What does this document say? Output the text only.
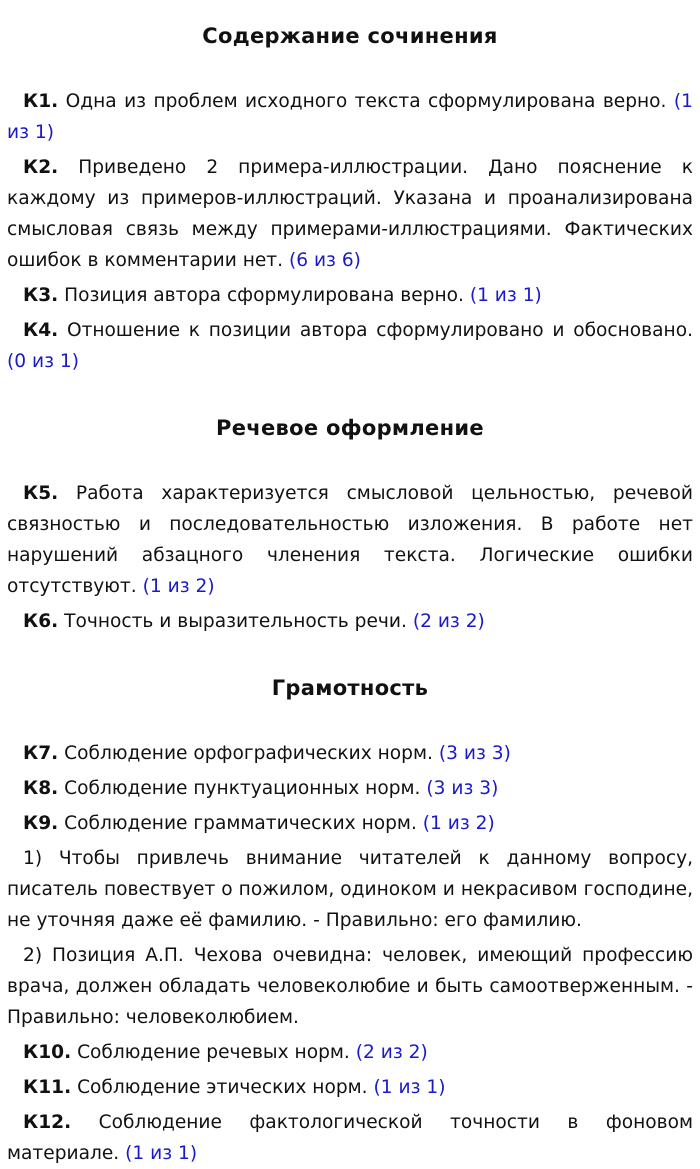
Содержание сочинения

К1. Одна из проблем исходного текста сформулирована верно. (1 из 1)

К2. Приведено 2 примера-иллюстрации. Дано пояснение к каждому из примеров-иллюстраций. Указана и проанализирована смысловая связь между примерами-иллюстрациями. Фактических ошибок в комментарии нет. (6 из 6)

К3. Позиция автора сформулирована верно. (1 из 1)

К4. Отношение к позиции автора сформулировано и обосновано. (0 из 1)

Речевое оформление

К5. Работа характеризуется смысловой цельностью, речевой связностью и последовательностью изложения. В работе нет нарушений абзацного членения текста. Логические ошибки отсутствуют. (1 из 2)

К6. Точность и выразительность речи. (2 из 2)

Грамотность

К7. Соблюдение орфографических норм. (3 из 3)

К8. Соблюдение пунктуационных норм. (3 из 3)

К9. Соблюдение грамматических норм. (1 из 2)

1) Чтобы привлечь внимание читателей к данному вопросу, писатель повествует о пожилом, одиноком и некрасивом господине, не уточняя даже её фамилию. - Правильно: его фамилию.

2) Позиция А.П. Чехова очевидна: человек, имеющий профессию врача, должен обладать человеколюбие и быть самоотверженным. - Правильно: человеколюбием.

К10. Соблюдение речевых норм. (2 из 2)

К11. Соблюдение этических норм. (1 из 1)

К12. Соблюдение фактологической точности в фоновом материале. (1 из 1)
